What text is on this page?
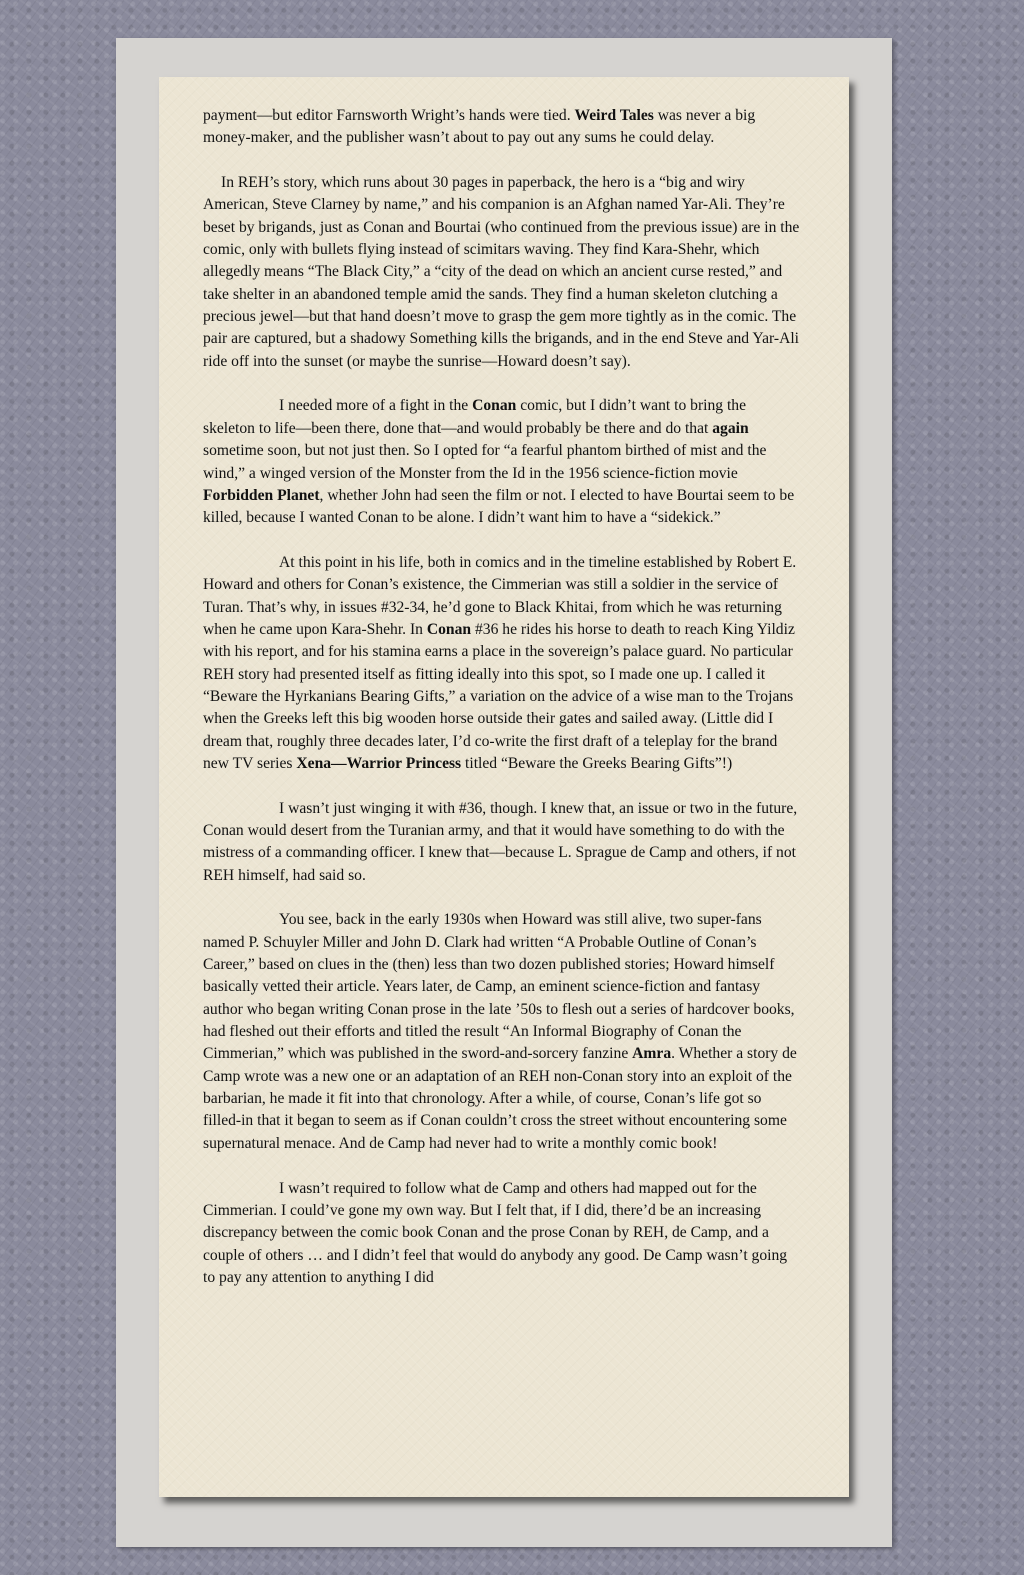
payment—but editor Farnsworth Wright’s hands were tied. Weird Tales was never a big money-maker, and the publisher wasn’t about to pay out any sums he could delay.

In REH’s story, which runs about 30 pages in paperback, the hero is a “big and wiry American, Steve Clarney by name,” and his companion is an Afghan named Yar-Ali. They’re beset by brigands, just as Conan and Bourtai (who continued from the previous issue) are in the comic, only with bullets flying instead of scimitars waving. They find Kara-Shehr, which allegedly means “The Black City,” a “city of the dead on which an ancient curse rested,” and take shelter in an abandoned temple amid the sands. They find a human skeleton clutching a precious jewel—but that hand doesn’t move to grasp the gem more tightly as in the comic. The pair are captured, but a shadowy Something kills the brigands, and in the end Steve and Yar-Ali ride off into the sunset (or maybe the sunrise—Howard doesn’t say).

I needed more of a fight in the Conan comic, but I didn’t want to bring the skeleton to life—been there, done that—and would probably be there and do that again sometime soon, but not just then. So I opted for “a fearful phantom birthed of mist and the wind,” a winged version of the Monster from the Id in the 1956 science-fiction movie Forbidden Planet, whether John had seen the film or not. I elected to have Bourtai seem to be killed, because I wanted Conan to be alone. I didn’t want him to have a “sidekick.”

At this point in his life, both in comics and in the timeline established by Robert E. Howard and others for Conan’s existence, the Cimmerian was still a soldier in the service of Turan. That’s why, in issues #32-34, he’d gone to Black Khitai, from which he was returning when he came upon Kara-Shehr. In Conan #36 he rides his horse to death to reach King Yildiz with his report, and for his stamina earns a place in the sovereign’s palace guard. No particular REH story had presented itself as fitting ideally into this spot, so I made one up. I called it “Beware the Hyrkanians Bearing Gifts,” a variation on the advice of a wise man to the Trojans when the Greeks left this big wooden horse outside their gates and sailed away. (Little did I dream that, roughly three decades later, I’d co-write the first draft of a teleplay for the brand new TV series Xena—Warrior Princess titled “Beware the Greeks Bearing Gifts”!)

I wasn’t just winging it with #36, though. I knew that, an issue or two in the future, Conan would desert from the Turanian army, and that it would have something to do with the mistress of a commanding officer. I knew that—because L. Sprague de Camp and others, if not REH himself, had said so.

You see, back in the early 1930s when Howard was still alive, two super-fans named P. Schuyler Miller and John D. Clark had written “A Probable Outline of Conan’s Career,” based on clues in the (then) less than two dozen published stories; Howard himself basically vetted their article. Years later, de Camp, an eminent science-fiction and fantasy author who began writing Conan prose in the late ’50s to flesh out a series of hardcover books, had fleshed out their efforts and titled the result “An Informal Biography of Conan the Cimmerian,” which was published in the sword-and-sorcery fanzine Amra. Whether a story de Camp wrote was a new one or an adaptation of an REH non-Conan story into an exploit of the barbarian, he made it fit into that chronology. After a while, of course, Conan’s life got so filled-in that it began to seem as if Conan couldn’t cross the street without encountering some supernatural menace. And de Camp had never had to write a monthly comic book!

I wasn’t required to follow what de Camp and others had mapped out for the Cimmerian. I could’ve gone my own way. But I felt that, if I did, there’d be an increasing discrepancy between the comic book Conan and the prose Conan by REH, de Camp, and a couple of others … and I didn’t feel that would do anybody any good. De Camp wasn’t going to pay any attention to anything I did
